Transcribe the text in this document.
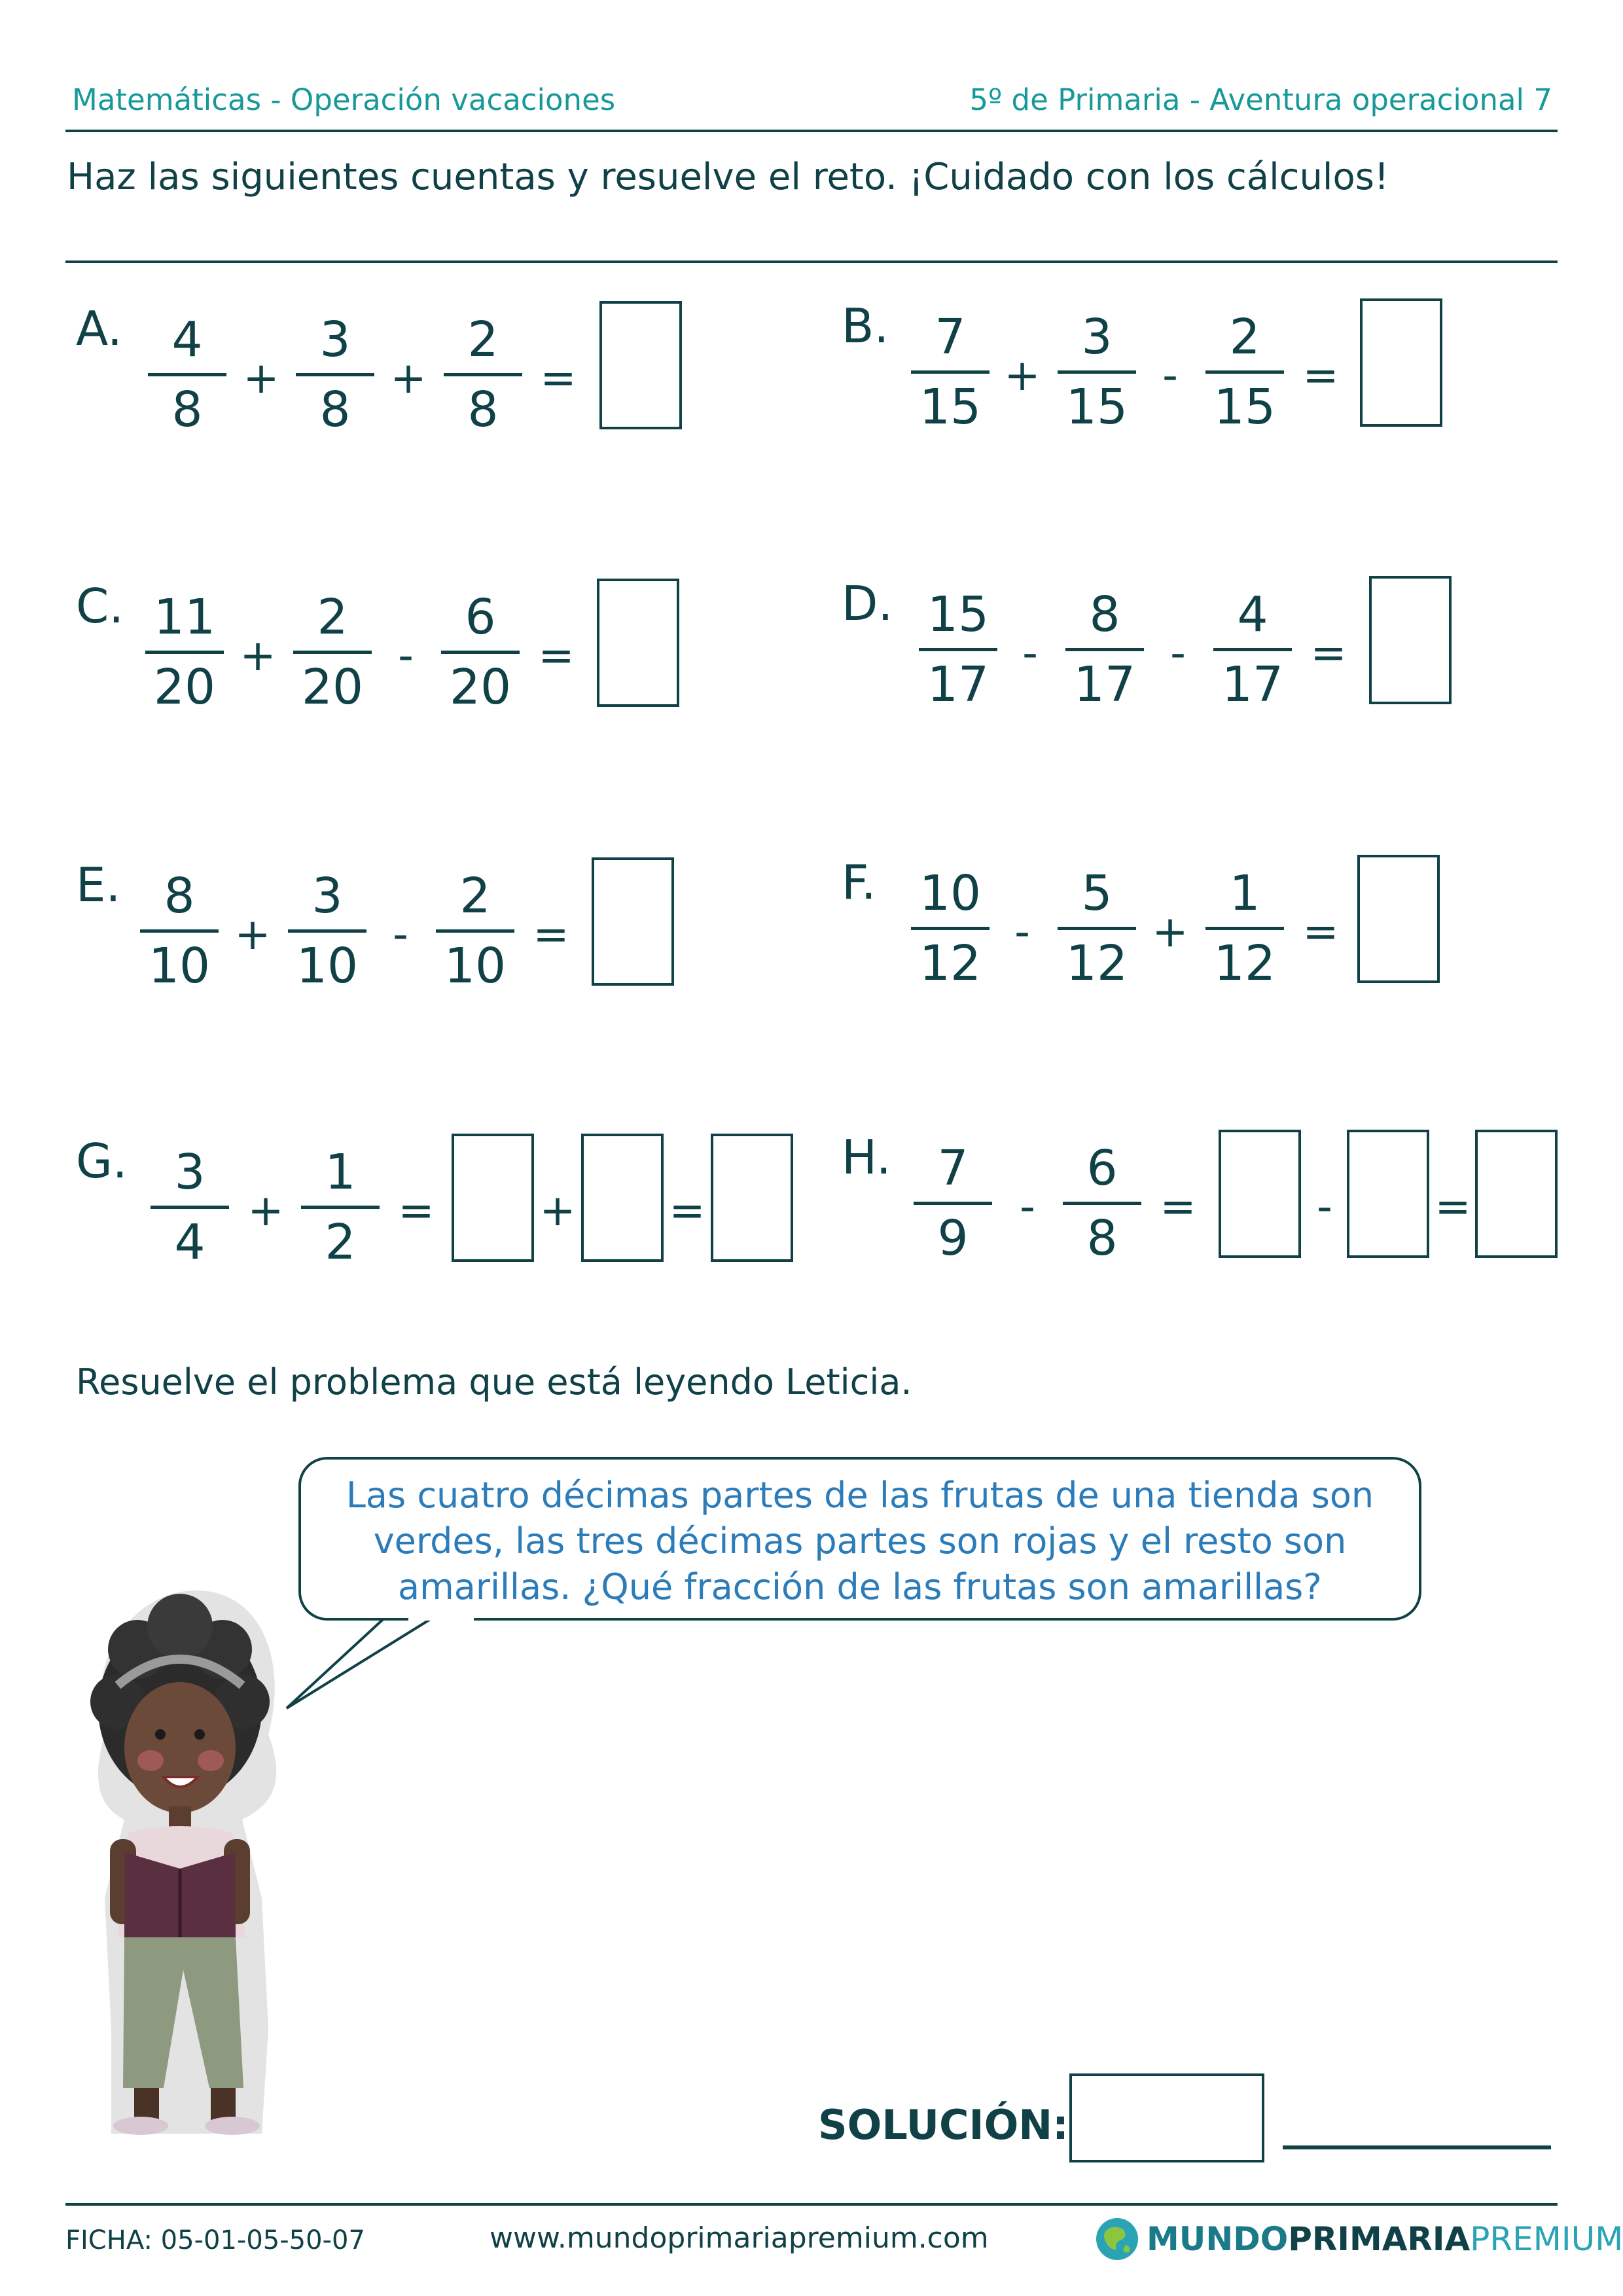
Matemáticas - Operación vacaciones	5º de Primaria - Aventura operacional 7
Haz las siguientes cuentas y resuelve el reto. ¡Cuidado con los cálculos!
A.	4
8
+
3
8
+
2
8
=
B. 7
15
+
3
15
-
2
15
=
C. 11
20
+
2
20
-
6
20
=
D. 15
17
-
8
17
-
4
17
=
E. 8
10
+
3
10
-
2
10
=
F. 10
12
-
5
12
+
1
12
=
G. 3
4
+
1
2
= + =
H. 7
9
-
6
8
=	- =
Resuelve el problema que está leyendo Leticia.

Las cuatro décimas partes de las frutas de una tienda son
verdes, las tres décimas partes son rojas y el resto son
amarillas. ¿Qué fracción de las frutas son amarillas?

SOLUCIÓN:
FICHA: 05-01-05-50-07	www.mundoprimariapremium.com	MUNDOPRIMARIAPREMIUM
